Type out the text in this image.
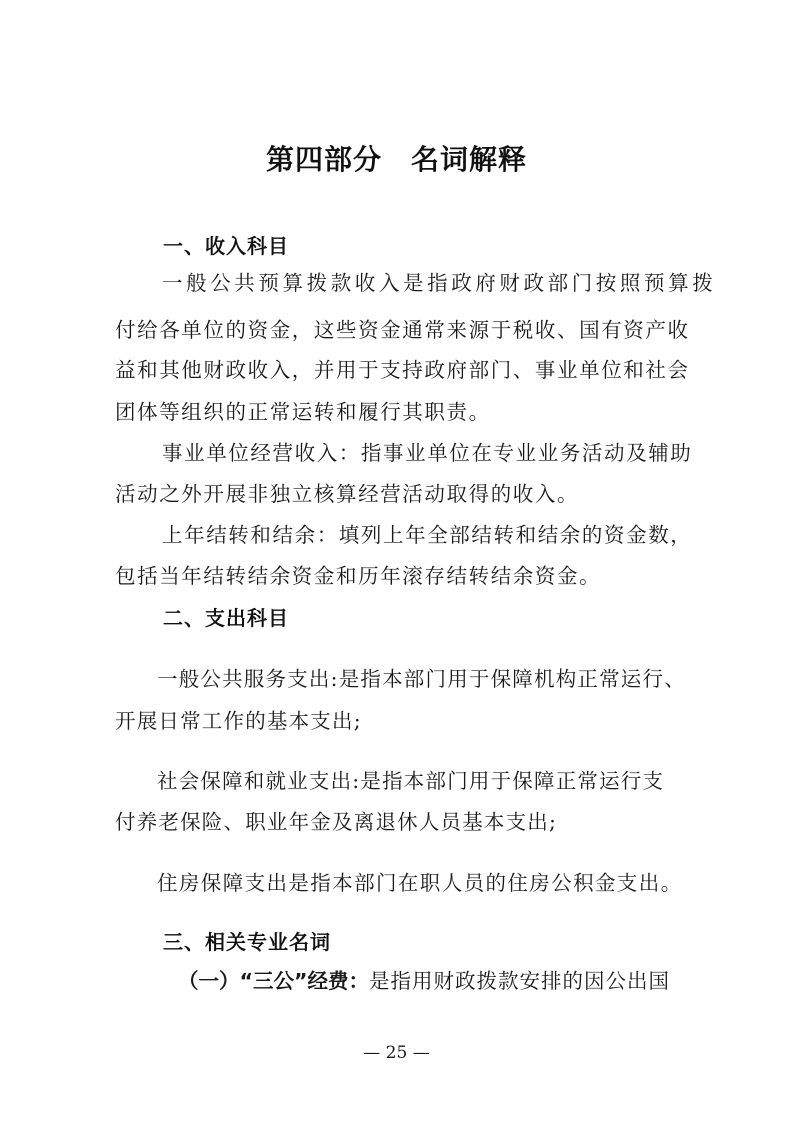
第四部分　名词解释
一、收入科目
一般公共预算拨款收入是指政府财政部门按照预算拨
付给各单位的资金，这些资金通常来源于税收、国有资产收
益和其他财政收入，并用于支持政府部门、事业单位和社会
团体等组织的正常运转和履行其职责。
事业单位经营收入：指事业单位在专业业务活动及辅助
活动之外开展非独立核算经营活动取得的收入。
上年结转和结余：填列上年全部结转和结余的资金数，
包括当年结转结余资金和历年滚存结转结余资金。
二、支出科目
一般公共服务支出:是指本部门用于保障机构正常运行、
开展日常工作的基本支出;
社会保障和就业支出:是指本部门用于保障正常运行支
付养老保险、职业年金及离退休人员基本支出;
住房保障支出是指本部门在职人员的住房公积金支出。
三、相关专业名词
（一）“三公”经费：是指用财政拨款安排的因公出国
— 25 —
